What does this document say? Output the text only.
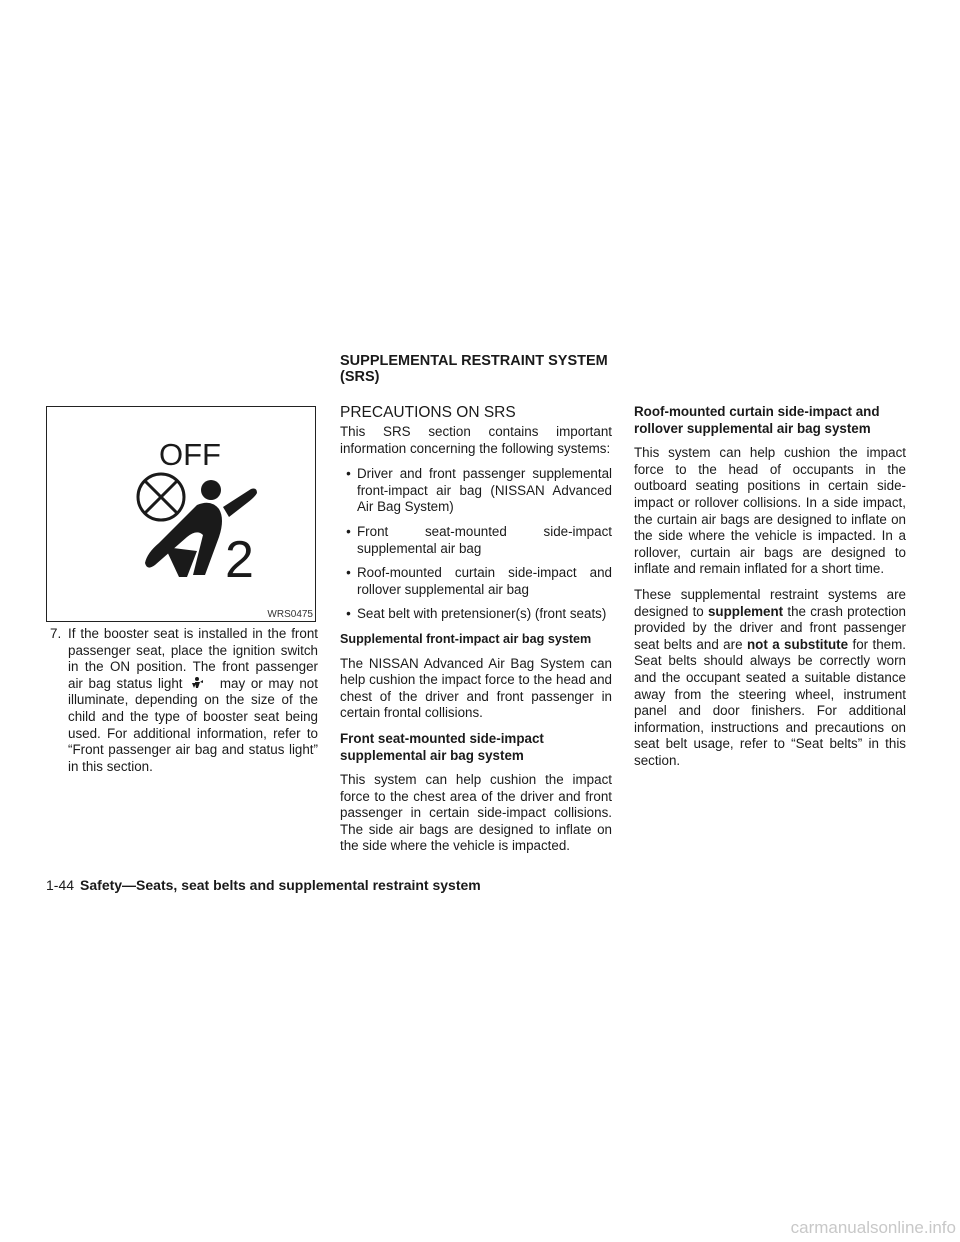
SUPPLEMENTAL RESTRAINT SYSTEM (SRS)
OFF
2
WRS0475
7. If the booster seat is installed in the front passenger seat, place the ignition switch in the ON position. The front passenger air bag status light	may or may not illuminate, depending on the size of the child and the type of booster seat being used. For additional information, refer to “Front passenger air bag and status light” in this section.
PRECAUTIONS ON SRS

This SRS section contains important information concerning the following systems:

• Driver and front passenger supplemental front-impact air bag (NISSAN Advanced Air Bag System)
• Front seat-mounted side-impact supplemental air bag
• Roof-mounted curtain side-impact and rollover supplemental air bag
• Seat belt with pretensioner(s) (front seats)
Supplemental front-impact air bag system

The NISSAN Advanced Air Bag System can help cushion the impact force to the head and chest of the driver and front passenger in certain frontal collisions.

Front seat-mounted side-impact supplemental air bag system

This system can help cushion the impact force to the chest area of the driver and front passenger in certain side-impact collisions. The side air bags are designed to inflate on the side where the vehicle is impacted.

Roof-mounted curtain side-impact and rollover supplemental air bag system

This system can help cushion the impact force to the head of occupants in the outboard seating positions in certain side-impact or rollover collisions. In a side impact, the curtain air bags are designed to inflate on the side where the vehicle is impacted. In a rollover, curtain air bags are designed to inflate and remain inflated for a short time.

These supplemental restraint systems are designed to supplement the crash protection provided by the driver and front passenger seat belts and are not a substitute for them. Seat belts should always be correctly worn and the occupant seated a suitable distance away from the steering wheel, instrument panel and door finishers. For additional information, instructions and precautions on seat belt usage, refer to “Seat belts” in this section.

1-44 Safety—Seats, seat belts and supplemental restraint system
carmanualsonline.info
